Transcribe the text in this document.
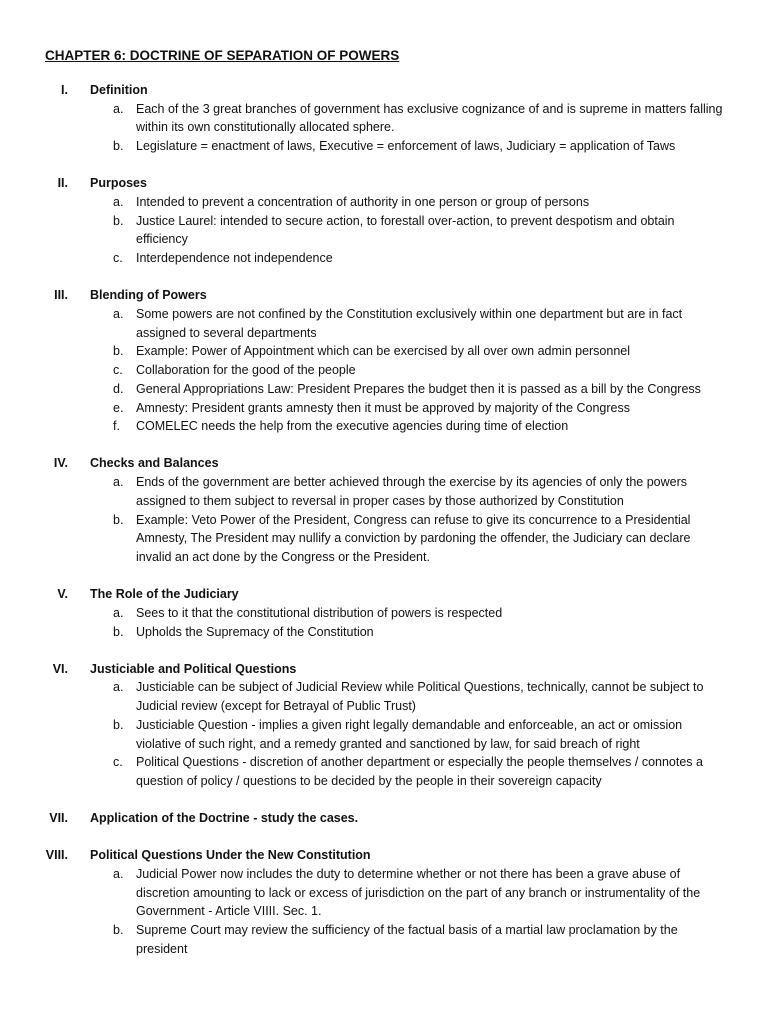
CHAPTER 6: DOCTRINE OF SEPARATION OF POWERS
I. Definition
a. Each of the 3 great branches of government has exclusive cognizance of and is supreme in matters falling within its own constitutionally allocated sphere.
b. Legislature = enactment of laws, Executive = enforcement of laws, Judiciary = application of Taws
II. Purposes
a. Intended to prevent a concentration of authority in one person or group of persons
b. Justice Laurel: intended to secure action, to forestall over-action, to prevent despotism and obtain efficiency
c. Interdependence not independence
III. Blending of Powers
a. Some powers are not confined by the Constitution exclusively within one department but are in fact assigned to several departments
b. Example: Power of Appointment which can be exercised by all over own admin personnel
c. Collaboration for the good of the people
d. General Appropriations Law: President Prepares the budget then it is passed as a bill by the Congress
e. Amnesty: President grants amnesty then it must be approved by majority of the Congress
f. COMELEC needs the help from the executive agencies during time of election
IV. Checks and Balances
a. Ends of the government are better achieved through the exercise by its agencies of only the powers assigned to them subject to reversal in proper cases by those authorized by Constitution
b. Example: Veto Power of the President, Congress can refuse to give its concurrence to a Presidential Amnesty, The President may nullify a conviction by pardoning the offender, the Judiciary can declare invalid an act done by the Congress or the President.
V. The Role of the Judiciary
a. Sees to it that the constitutional distribution of powers is respected
b. Upholds the Supremacy of the Constitution
VI. Justiciable and Political Questions
a. Justiciable can be subject of Judicial Review while Political Questions, technically, cannot be subject to Judicial review (except for Betrayal of Public Trust)
b. Justiciable Question - implies a given right legally demandable and enforceable, an act or omission violative of such right, and a remedy granted and sanctioned by law, for said breach of right
c. Political Questions - discretion of another department or especially the people themselves / connotes a question of policy / questions to be decided by the people in their sovereign capacity
VII. Application of the Doctrine - study the cases.
VIII. Political Questions Under the New Constitution
a. Judicial Power now includes the duty to determine whether or not there has been a grave abuse of discretion amounting to lack or excess of jurisdiction on the part of any branch or instrumentality of the Government - Article VIIII. Sec. 1.
b. Supreme Court may review the sufficiency of the factual basis of a martial law proclamation by the president
